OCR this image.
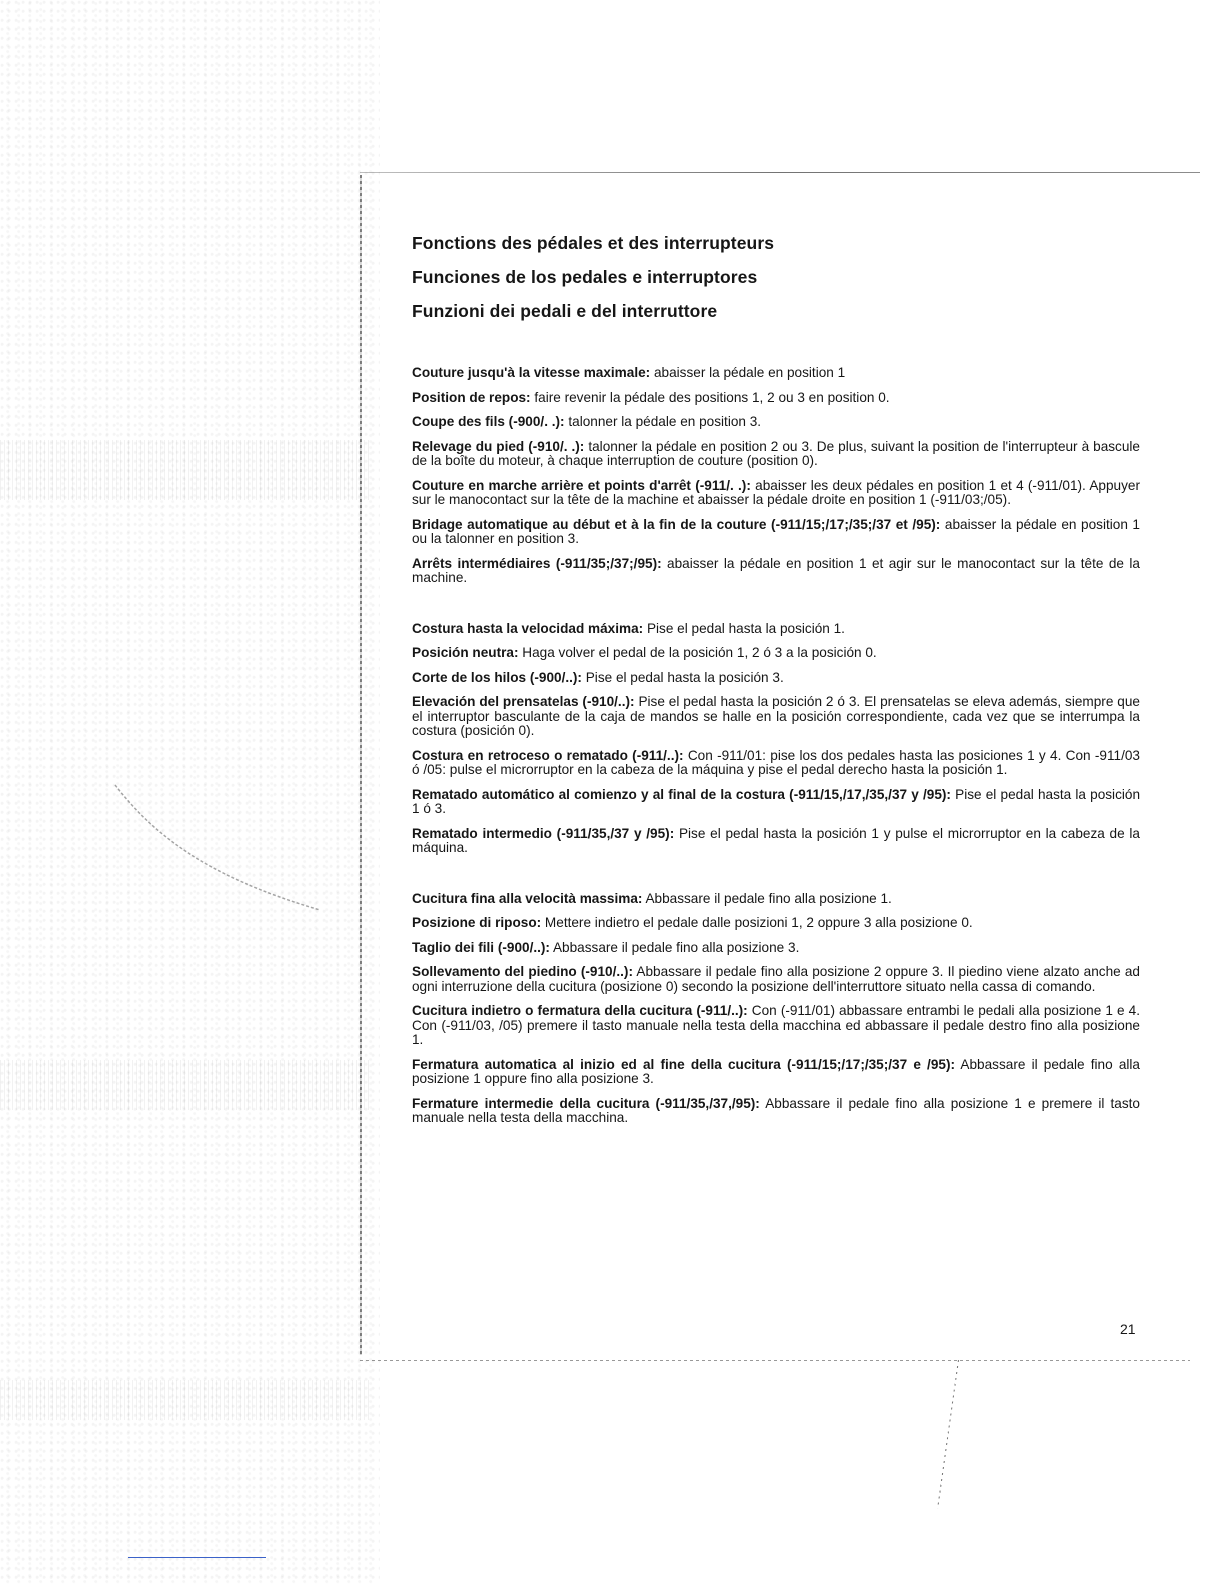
Fonctions des pédales et des interrupteurs
Funciones de los pedales e interruptores
Funzioni dei pedali e del interruttore

Couture jusqu'à la vitesse maximale: abaisser la pédale en position 1

Position de repos: faire revenir la pédale des positions 1, 2 ou 3 en position 0.

Coupe des fils (-900/. .): talonner la pédale en position 3.

Relevage du pied (-910/. .): talonner la pédale en position 2 ou 3. De plus, suivant la position de l'interrupteur à bascule de la boîte du moteur, à chaque interruption de couture (position 0).

Couture en marche arrière et points d'arrêt (-911/. .): abaisser les deux pédales en position 1 et 4 (-911/01). Appuyer sur le manocontact sur la tête de la machine et abaisser la pédale droite en position 1 (-911/03;/05).

Bridage automatique au début et à la fin de la couture (-911/15;/17;/35;/37 et /95): abaisser la pédale en position 1 ou la talonner en position 3.

Arrêts intermédiaires (-911/35;/37;/95): abaisser la pédale en position 1 et agir sur le manocontact sur la tête de la machine.

Costura hasta la velocidad máxima: Pise el pedal hasta la posición 1.

Posición neutra: Haga volver el pedal de la posición 1, 2 ó 3 a la posición 0.

Corte de los hilos (-900/..): Pise el pedal hasta la posición 3.

Elevación del prensatelas (-910/..): Pise el pedal hasta la posición 2 ó 3. El prensatelas se eleva además, siempre que el interruptor basculante de la caja de mandos se halle en la posición correspondiente, cada vez que se interrumpa la costura (posición 0).

Costura en retroceso o rematado (-911/..): Con -911/01: pise los dos pedales hasta las posiciones 1 y 4. Con -911/03 ó /05: pulse el microrruptor en la cabeza de la máquina y pise el pedal derecho hasta la posición 1.

Rematado automático al comienzo y al final de la costura (-911/15,/17,/35,/37 y /95): Pise el pedal hasta la posición 1 ó 3.

Rematado intermedio (-911/35,/37 y /95): Pise el pedal hasta la posición 1 y pulse el microrruptor en la cabeza de la máquina.

Cucitura fina alla velocità massima: Abbassare il pedale fino alla posizione 1.

Posizione di riposo: Mettere indietro el pedale dalle posizioni 1, 2 oppure 3 alla posizione 0.

Taglio dei fili (-900/..): Abbassare il pedale fino alla posizione 3.

Sollevamento del piedino (-910/..): Abbassare il pedale fino alla posizione 2 oppure 3. Il piedino viene alzato anche ad ogni interruzione della cucitura (posizione 0) secondo la posizione dell'interruttore situato nella cassa di comando.

Cucitura indietro o fermatura della cucitura (-911/..): Con (-911/01) abbassare entrambi le pedali alla posizione 1 e 4. Con (-911/03, /05) premere il tasto manuale nella testa della macchina ed abbassare il pedale destro fino alla posizione 1.

Fermatura automatica al inizio ed al fine della cucitura (-911/15;/17;/35;/37 e /95): Abbassare il pedale fino alla posizione 1 oppure fino alla posizione 3.

Fermature intermedie della cucitura (-911/35,/37,/95): Abbassare il pedale fino alla posizione 1 e premere il tasto manuale nella testa della macchina.

21
